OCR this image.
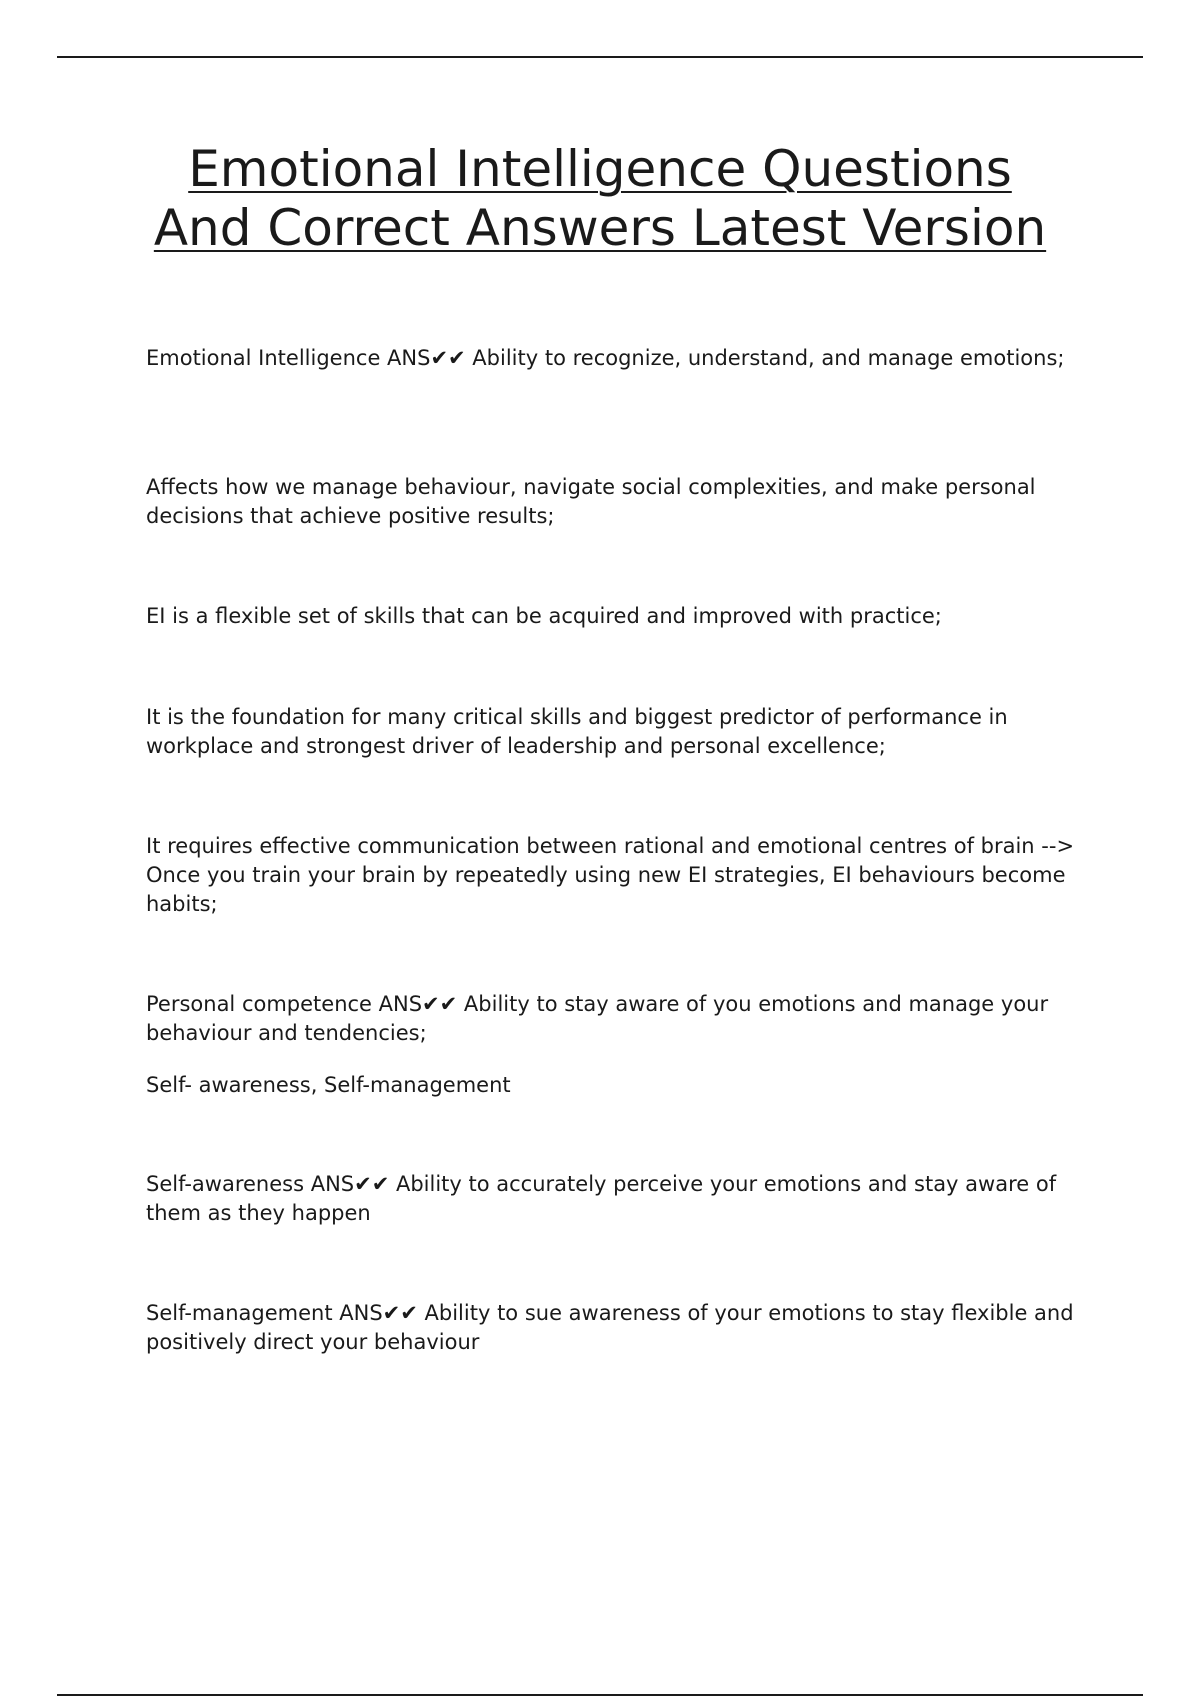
Emotional Intelligence Questions
And Correct Answers Latest Version

Emotional Intelligence ANS✔✔ Ability to recognize, understand, and manage emotions;

Affects how we manage behaviour, navigate social complexities, and make personal decisions that achieve positive results;

EI is a flexible set of skills that can be acquired and improved with practice;

It is the foundation for many critical skills and biggest predictor of performance in workplace and strongest driver of leadership and personal excellence;

It requires effective communication between rational and emotional centres of brain --> Once you train your brain by repeatedly using new EI strategies, EI behaviours become habits;

Personal competence ANS✔✔ Ability to stay aware of you emotions and manage your behaviour and tendencies;

Self- awareness, Self-management

Self-awareness ANS✔✔ Ability to accurately perceive your emotions and stay aware of them as they happen

Self-management ANS✔✔ Ability to sue awareness of your emotions to stay flexible and positively direct your behaviour
